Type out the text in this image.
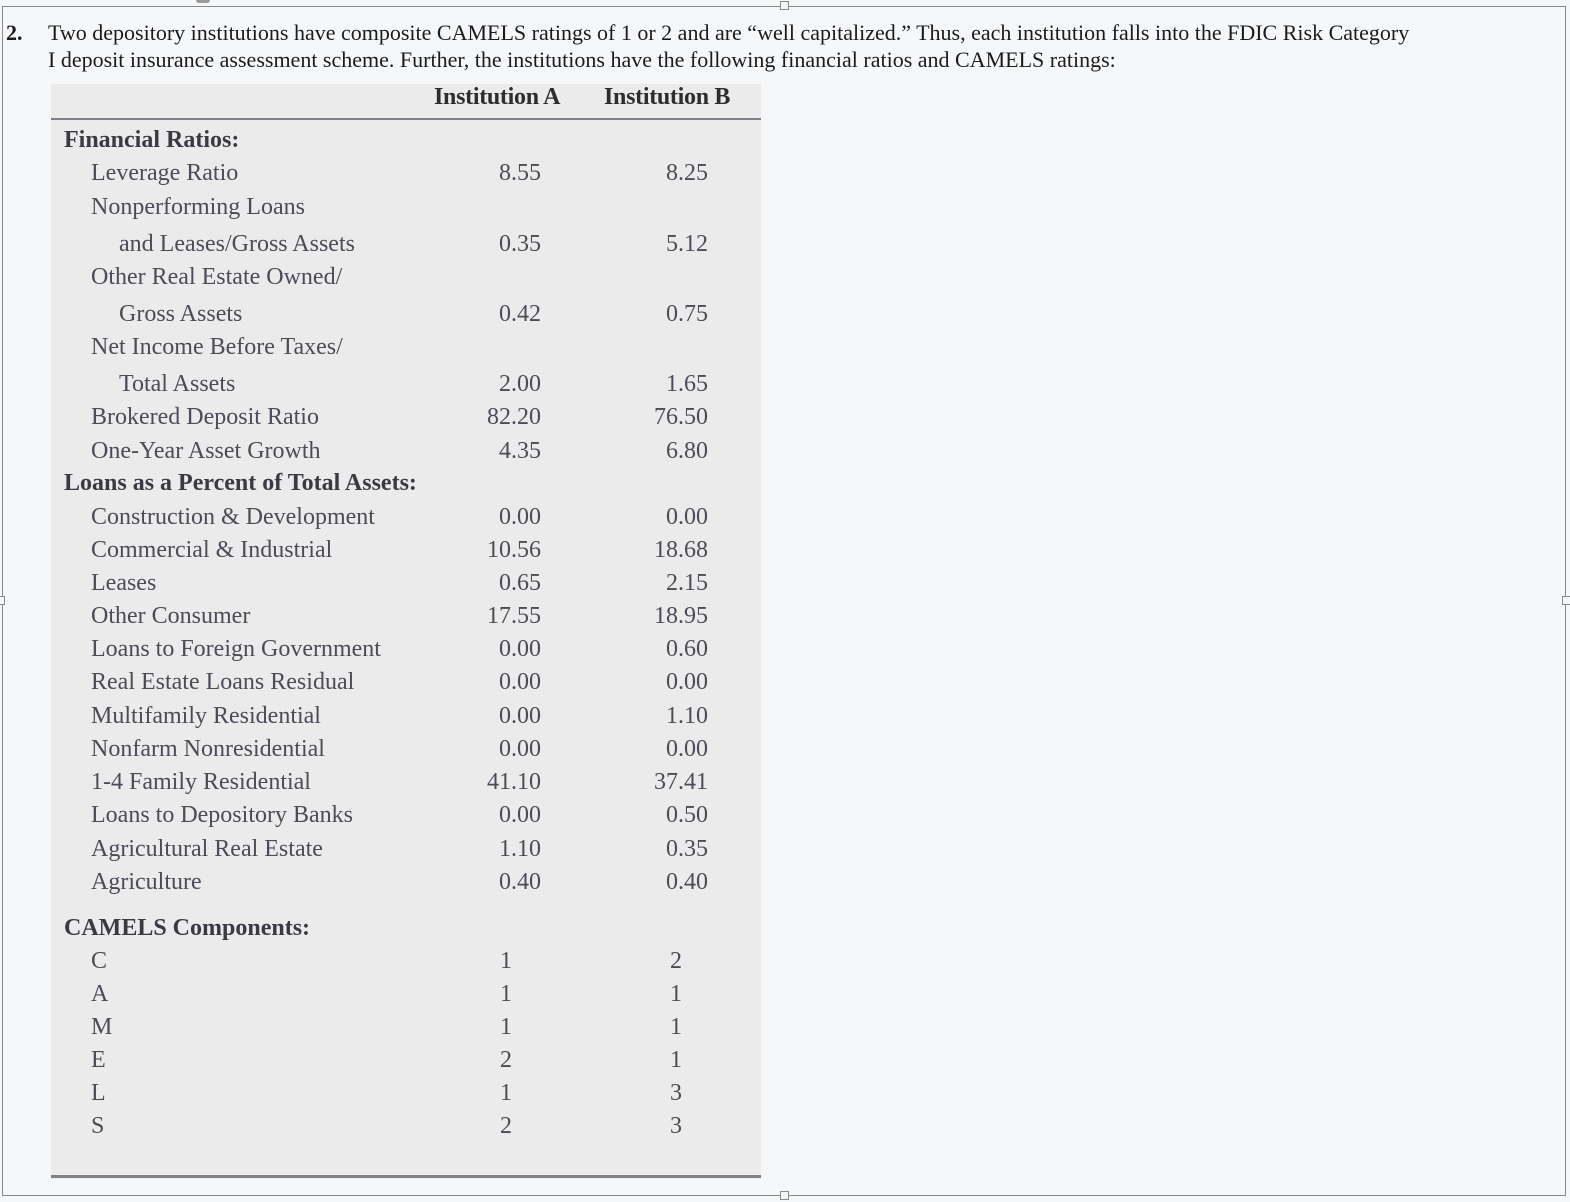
2. Two depository institutions have composite CAMELS ratings of 1 or 2 and are “well capitalized.” Thus, each institution falls into the FDIC Risk Category
I deposit insurance assessment scheme. Further, the institutions have the following financial ratios and CAMELS ratings:
Institution A Institution B
Financial Ratios:
Leverage Ratio	8.55	8.25
Nonperforming Loans
and Leases/Gross Assets	0.35	5.12
Other Real Estate Owned/
Gross Assets	0.42	0.75
Net Income Before Taxes/
Total Assets	2.00	1.65
Brokered Deposit Ratio	82.20	76.50
One-Year Asset Growth	4.35	6.80
Loans as a Percent of Total Assets:
Construction & Development	0.00	0.00
Commercial & Industrial	10.56	18.68
Leases	0.65	2.15
Other Consumer	17.55	18.95
Loans to Foreign Government	0.00	0.60
Real Estate Loans Residual	0.00	0.00
Multifamily Residential	0.00	1.10
Nonfarm Nonresidential	0.00	0.00
1-4 Family Residential	41.10	37.41
Loans to Depository Banks	0.00	0.50
Agricultural Real Estate	1.10	0.35
Agriculture	0.40	0.40
CAMELS Components:
C	1	2
A	1	1
M	1	1
E	2	1
L	1	3
S	2	3
